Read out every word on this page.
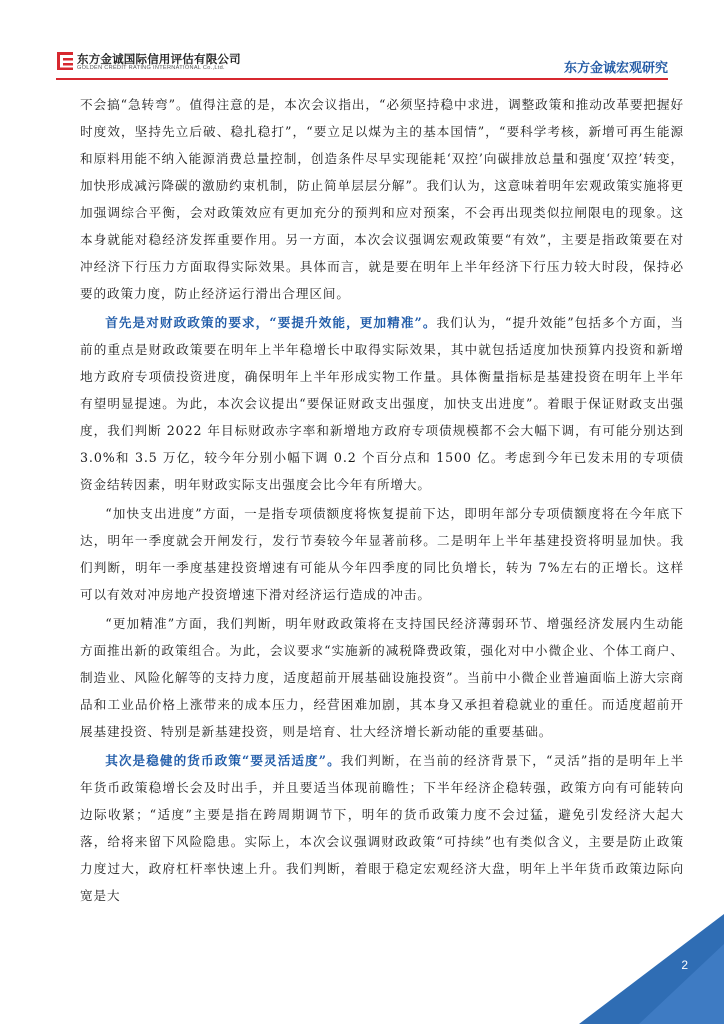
东方金诚国际信用评估有限公司
GOLDEN CREDIT RATING INTERNATIONAL Co.,Ltd.	东方金诚宏观研究

不会搞“急转弯”。值得注意的是，本次会议指出，“必须坚持稳中求进，调整政策和推动改革要把握好时度效，坚持先立后破、稳扎稳打”，“要立足以煤为主的基本国情”，“要科学考核，新增可再生能源和原料用能不纳入能源消费总量控制，创造条件尽早实现能耗‘双控’向碳排放总量和强度‘双控’转变，加快形成减污降碳的激励约束机制，防止简单层层分解”。我们认为，这意味着明年宏观政策实施将更加强调综合平衡，会对政策效应有更加充分的预判和应对预案，不会再出现类似拉闸限电的现象。这本身就能对稳经济发挥重要作用。另一方面，本次会议强调宏观政策要“有效”，主要是指政策要在对冲经济下行压力方面取得实际效果。具体而言，就是要在明年上半年经济下行压力较大时段，保持必要的政策力度，防止经济运行滑出合理区间。

首先是对财政政策的要求，“要提升效能，更加精准”。我们认为，“提升效能”包括多个方面，当前的重点是财政政策要在明年上半年稳增长中取得实际效果，其中就包括适度加快预算内投资和新增地方政府专项债投资进度，确保明年上半年形成实物工作量。具体衡量指标是基建投资在明年上半年有望明显提速。为此，本次会议提出“要保证财政支出强度，加快支出进度”。着眼于保证财政支出强度，我们判断 2022 年目标财政赤字率和新增地方政府专项债规模都不会大幅下调，有可能分别达到 3.0%和 3.5 万亿，较今年分别小幅下调 0.2 个百分点和 1500 亿。考虑到今年已发未用的专项债资金结转因素，明年财政实际支出强度会比今年有所增大。

“加快支出进度”方面，一是指专项债额度将恢复提前下达，即明年部分专项债额度将在今年底下达，明年一季度就会开闸发行，发行节奏较今年显著前移。二是明年上半年基建投资将明显加快。我们判断，明年一季度基建投资增速有可能从今年四季度的同比负增长，转为 7%左右的正增长。这样可以有效对冲房地产投资增速下滑对经济运行造成的冲击。

“更加精准”方面，我们判断，明年财政政策将在支持国民经济薄弱环节、增强经济发展内生动能方面推出新的政策组合。为此，会议要求“实施新的减税降费政策，强化对中小微企业、个体工商户、制造业、风险化解等的支持力度，适度超前开展基础设施投资”。当前中小微企业普遍面临上游大宗商品和工业品价格上涨带来的成本压力，经营困难加剧，其本身又承担着稳就业的重任。而适度超前开展基建投资、特别是新基建投资，则是培育、壮大经济增长新动能的重要基础。

其次是稳健的货币政策“要灵活适度”。我们判断，在当前的经济背景下，“灵活”指的是明年上半年货币政策稳增长会及时出手，并且要适当体现前瞻性；下半年经济企稳转强，政策方向有可能转向边际收紧；“适度”主要是指在跨周期调节下，明年的货币政策力度不会过猛，避免引发经济大起大落，给将来留下风险隐患。实际上，本次会议强调财政政策“可持续”也有类似含义，主要是防止政策力度过大，政府杠杆率快速上升。我们判断，着眼于稳定宏观经济大盘，明年上半年货币政策边际向宽是大

2
